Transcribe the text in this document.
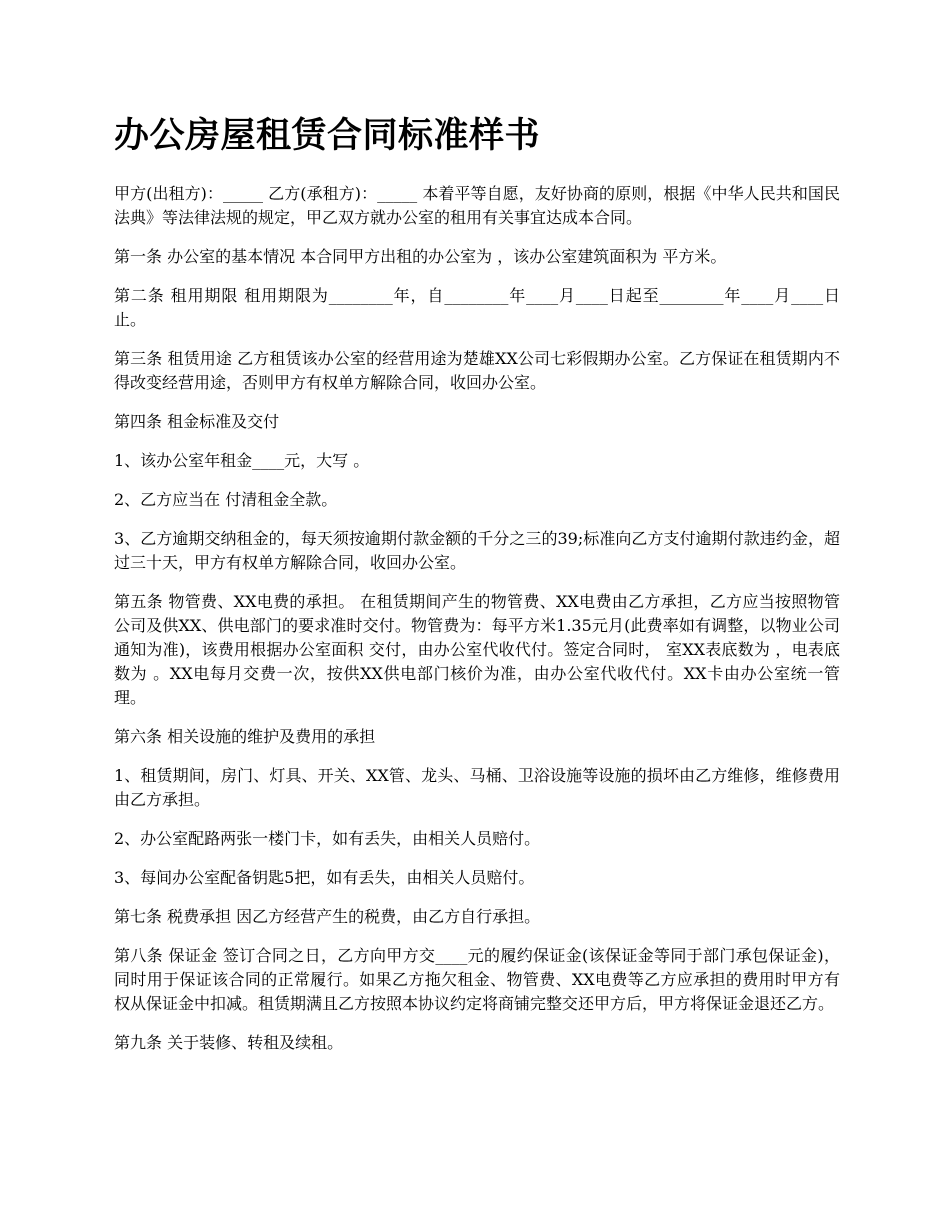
办公房屋租赁合同标准样书

甲方(出租方)：_____ 乙方(承租方)：_____ 本着平等自愿，友好协商的原则，根据《中华人民共和国民法典》等法律法规的规定，甲乙双方就办公室的租用有关事宜达成本合同。

第一条 办公室的基本情况 本合同甲方出租的办公室为 ，该办公室建筑面积为 平方米。

第二条 租用期限 租用期限为________年，自________年____月____日起至________年____月____日止。

第三条 租赁用途 乙方租赁该办公室的经营用途为楚雄XX公司七彩假期办公室。乙方保证在租赁期内不得改变经营用途，否则甲方有权单方解除合同，收回办公室。

第四条 租金标准及交付

1、该办公室年租金____元，大写 。

2、乙方应当在 付清租金全款。

3、乙方逾期交纳租金的，每天须按逾期付款金额的千分之三的39;标准向乙方支付逾期付款违约金，超过三十天，甲方有权单方解除合同，收回办公室。

第五条 物管费、XX电费的承担。 在租赁期间产生的物管费、XX电费由乙方承担，乙方应当按照物管公司及供XX、供电部门的要求准时交付。物管费为：每平方米1.35元月(此费率如有调整，以物业公司通知为准)，该费用根据办公室面积 交付，由办公室代收代付。签定合同时， 室XX表底数为 ，电表底数为 。XX电每月交费一次，按供XX供电部门核价为准，由办公室代收代付。XX卡由办公室统一管理。

第六条 相关设施的维护及费用的承担

1、租赁期间，房门、灯具、开关、XX管、龙头、马桶、卫浴设施等设施的损坏由乙方维修，维修费用由乙方承担。

2、办公室配路两张一楼门卡，如有丢失，由相关人员赔付。

3、每间办公室配备钥匙5把，如有丢失，由相关人员赔付。

第七条 税费承担 因乙方经营产生的税费，由乙方自行承担。

第八条 保证金 签订合同之日，乙方向甲方交____元的履约保证金(该保证金等同于部门承包保证金)，同时用于保证该合同的正常履行。如果乙方拖欠租金、物管费、XX电费等乙方应承担的费用时甲方有权从保证金中扣减。租赁期满且乙方按照本协议约定将商铺完整交还甲方后，甲方将保证金退还乙方。

第九条 关于装修、转租及续租。
